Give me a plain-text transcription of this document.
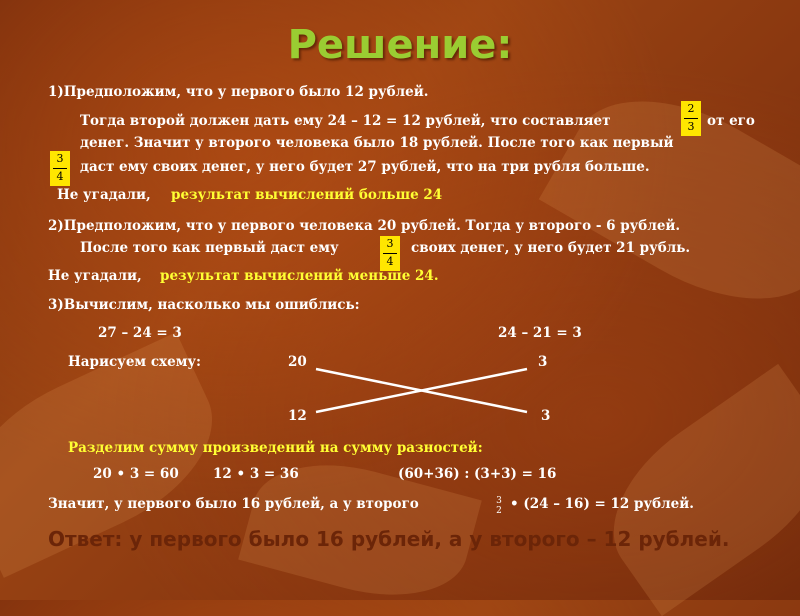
Решение:
1)Предположим, что у первого было 12 рублей.
Тогда второй должен дать ему 24 – 12 = 12 рублей, что составляет
2
3 от его
денег. Значит у второго человека было 18 рублей. После того как первый
3
4
даст ему своих денег, у него будет 27 рублей, что на три рубля больше.
Не угадали, результат вычислений больше 24
2)Предположим, что у первого человека 20 рублей. Тогда у второго - 6 рублей.
После того как первый даст ему	3
4
своих денег, у него будет 21 рубль.
Не угадали, результат вычислений меньше 24.
3)Вычислим, насколько мы ошиблись:
27 – 24 = 3	24 – 21 = 3
Нарисуем схему:	20	3
12	3
Разделим сумму произведений на сумму разностей:
20 • 3 = 60	12 • 3 = 36	(60+36) : (3+3) = 16
Значит, у первого было 16 рублей, а у второго	3
2 • (24 – 16) = 12 рублей.
Ответ: у первого было 16 рублей, а у второго – 12 рублей.
